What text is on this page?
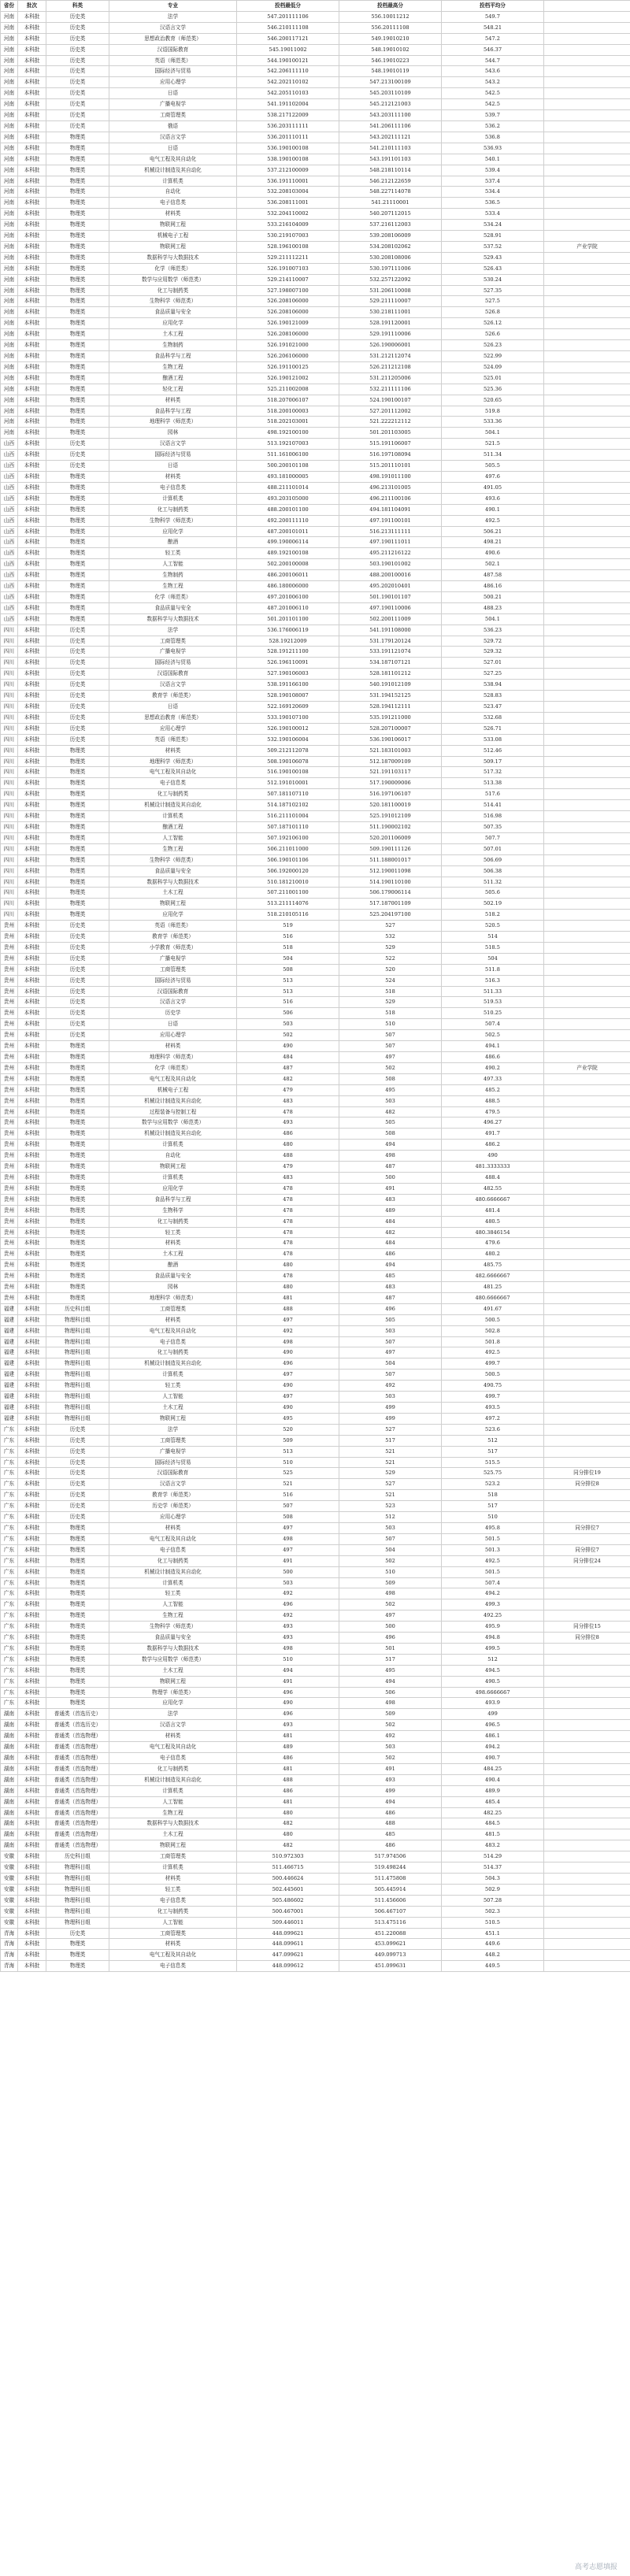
省份	批次	科类	专业	投档最低分	投档最高分	投档平均分	
河南	本科批	历史类	法学	547.201111106	556.10011212	549.7	
河南	本科批	历史类	汉语言文学	546.210111108	556.20111108	548.21	
河南	本科批	历史类	思想政治教育（师范类）	546.200117121	549.19010210	547.2	
河南	本科批	历史类	汉语国际教育	545.19011002	548.19010102	546.37	
河南	本科批	历史类	英语（师范类）	544.190100121	546.19010223	544.7	
河南	本科批	历史类	国际经济与贸易	542.206111110	548.19010119	543.6	
河南	本科批	历史类	应用心理学	542.202110102	547.213100109	543.2	
河南	本科批	历史类	日语	542.205110103	545.203110109	542.5	
河南	本科批	历史类	广播电视学	541.191102004	545.212121003	542.5	
河南	本科批	历史类	工商管理类	538.217122009	543.203111100	539.7	
河南	本科批	历史类	俄语	536.203111111	541.206111106	536.2	
河南	本科批	物理类	汉语言文学	536.201110111	543.202111121	536.8	
河南	本科批	物理类	日语	536.190100108	541.210111103	536.93	
河南	本科批	物理类	电气工程及其自动化	538.190100108	543.191101103	540.1	
河南	本科批	物理类	机械设计制造及其自动化	537.212100009	548.218110114	539.4	
河南	本科批	物理类	计算机类	536.191110001	546.212122659	537.4	
河南	本科批	物理类	自动化	532.208103004	548.227114078	534.4	
河南	本科批	物理类	电子信息类	536.208111001	541.21110001	536.5	
河南	本科批	物理类	材料类	532.204110002	540.207112015	533.4	
河南	本科批	物理类	物联网工程	533.216104009	537.216112003	534.24	
河南	本科批	物理类	机械电子工程	530.219107003	539.208106009	528.91	
河南	本科批	物理类	物联网工程	528.196100108	534.208102062	537.52	产业学院
河南	本科批	物理类	数据科学与大数据技术	529.211112211	530.208108006	529.43	
河南	本科批	物理类	化学（师范类）	526.191007103	530.197111006	526.43	
河南	本科批	物理类	数学与应用数学（师范类）	529.214110007	532.257122092	530.24	
河南	本科批	物理类	化工与制药类	527.198007100	531.206110008	527.35	
河南	本科批	物理类	生物科学（师范类）	526.208106000	529.211110007	527.5	
河南	本科批	物理类	食品质量与安全	526.208106000	530.218111001	526.8	
河南	本科批	物理类	应用化学	526.190121009	528.191120001	526.12	
河南	本科批	物理类	土木工程	526.208106000	529.191110006	526.6	
河南	本科批	物理类	生物制药	526.191021000	526.190006001	526.23	
河南	本科批	物理类	食品科学与工程	526.206106000	531.212112074	522.99	
河南	本科批	物理类	生物工程	526.191100125	526.211212108	524.09	
河南	本科批	物理类	酿酒工程	526.190121002	531.211205006	525.01	
河南	本科批	物理类	轻化工程	525.211002008	532.211111106	525.36	
河南	本科批	物理类	材料类	518.207006107	524.190100107	520.65	
河南	本科批	物理类	食品科学与工程	518.200100003	527.201112002	519.8	
河南	本科批	物理类	地理科学（师范类）	518.202103001	521.222212112	533.36	
河南	本科批	物理类	园林	498.192100100	501.201103005	504.1	
山西	本科批	历史类	汉语言文学	513.192107003	515.191106007	521.5	
山西	本科批	历史类	国际经济与贸易	511.161006100	516.197108094	511.34	
山西	本科批	历史类	日语	500.200101108	515.201110101	505.5	
山西	本科批	物理类	材料类	493.181000005	498.191011100	497.6	
山西	本科批	物理类	电子信息类	488.211101014	496.213101005	491.05	
山西	本科批	物理类	计算机类	493.203105000	496.211100106	493.6	
山西	本科批	物理类	化工与制药类	488.200101100	494.181104091	490.1	
山西	本科批	物理类	生物科学（师范类）	492.200111110	497.191100101	492.5	
山西	本科批	物理类	应用化学	487.200101011	516.213111111	506.21	
山西	本科批	物理类	酿酒	499.190006114	497.190111011	498.21	
山西	本科批	物理类	轻工类	489.192100108	495.211216122	490.6	
山西	本科批	物理类	人工智能	502.200100008	503.190101002	502.1	
山西	本科批	物理类	生物制药	486.200106011	488.200100016	487.58	
山西	本科批	物理类	生物工程	486.180006000	495.202010401	486.16	
山西	本科批	物理类	化学（师范类）	497.201006100	501.190101107	500.21	
山西	本科批	物理类	食品质量与安全	487.201006110	497.190110006	488.23	
山西	本科批	物理类	数据科学与大数据技术	501.201101100	502.200111009	504.1	
四川	本科批	历史类	法学	536.176006119	541.191108000	536.23	
四川	本科批	历史类	工商管理类	528.19212009	531.179120124	529.72	
四川	本科批	历史类	广播电视学	528.191211100	533.191121074	529.32	
四川	本科批	历史类	国际经济与贸易	526.196110091	534.187107121	527.01	
四川	本科批	历史类	汉语国际教育	527.190106003	528.181101212	527.25	
四川	本科批	历史类	汉语言文学	538.191166100	540.191012109	538.94	
四川	本科批	历史类	教育学（师范类）	528.190108007	531.194152125	528.83	
四川	本科批	历史类	日语	522.169120609	528.194112111	523.47	
四川	本科批	历史类	思想政治教育（师范类）	533.190107100	535.191211000	532.68	
四川	本科批	历史类	应用心理学	526.190100012	528.207100007	526.71	
四川	本科批	历史类	英语（师范类）	532.190106004	536.190106017	533.08	
四川	本科批	物理类	材料类	509.212112078	521.183101003	512.46	
四川	本科批	物理类	地理科学（师范类）	508.190106078	512.187009109	509.17	
四川	本科批	物理类	电气工程及其自动化	516.190100108	521.191103117	517.32	
四川	本科批	物理类	电子信息类	512.191010001	517.190009006	513.38	
四川	本科批	物理类	化工与制药类	507.181107110	516.197106107	517.6	
四川	本科批	物理类	机械设计制造及其自动化	514.187102102	520.181100019	514.41	
四川	本科批	物理类	计算机类	516.211101004	525.191012109	516.98	
四川	本科批	物理类	酿酒工程	507.187101110	511.190002102	507.35	
四川	本科批	物理类	人工智能	507.192106100	520.201106009	507.7	
四川	本科批	物理类	生物工程	506.211011000	509.190111126	507.01	
四川	本科批	物理类	生物科学（师范类）	506.190101106	511.188001017	506.69	
四川	本科批	物理类	食品质量与安全	506.192000120	512.190011098	506.38	
四川	本科批	物理类	数据科学与大数据技术	510.181210010	514.190110100	511.32	
四川	本科批	物理类	土木工程	507.211001100	506.179006114	505.6	
四川	本科批	物理类	物联网工程	513.211114076	517.187001109	502.19	
四川	本科批	物理类	应用化学	518.210105116	525.204197100	518.2	
贵州	本科批	历史类	英语（师范类）	519	527	520.5	
贵州	本科批	历史类	教育学（师范类）	516	532	514	
贵州	本科批	历史类	小学教育（师范类）	518	529	518.5	
贵州	本科批	历史类	广播电视学	504	522	504	
贵州	本科批	历史类	工商管理类	508	520	511.8	
贵州	本科批	历史类	国际经济与贸易	513	524	516.3	
贵州	本科批	历史类	汉语国际教育	513	518	511.33	
贵州	本科批	历史类	汉语言文学	516	529	519.53	
贵州	本科批	历史类	历史学	506	518	510.25	
贵州	本科批	历史类	日语	503	510	507.4	
贵州	本科批	历史类	应用心理学	502	507	502.5	
贵州	本科批	物理类	材料类	490	507	494.1	
贵州	本科批	物理类	地理科学（师范类）	484	497	486.6	
贵州	本科批	物理类	化学（师范类）	487	502	490.2	产业学院
贵州	本科批	物理类	电气工程及其自动化	482	508	497.33	
贵州	本科批	物理类	机械电子工程	479	495	485.2	
贵州	本科批	物理类	机械设计制造及其自动化	483	503	488.5	
贵州	本科批	物理类	过程装备与控制工程	478	482	479.5	
贵州	本科批	物理类	数学与应用数学（师范类）	493	505	496.27	
贵州	本科批	物理类	机械设计制造及其自动化	486	508	491.7	
贵州	本科批	物理类	计算机类	480	494	486.2	
贵州	本科批	物理类	自动化	488	498	490	
贵州	本科批	物理类	物联网工程	479	487	481.3333333	
贵州	本科批	物理类	计算机类	483	500	488.4	
贵州	本科批	物理类	应用化学	478	491	482.55	
贵州	本科批	物理类	食品科学与工程	478	483	480.6666667	
贵州	本科批	物理类	生物科学	478	489	481.4	
贵州	本科批	物理类	化工与制药类	478	484	480.5	
贵州	本科批	物理类	轻工类	478	482	480.3846154	
贵州	本科批	物理类	材料类	478	484	479.6	
贵州	本科批	物理类	土木工程	478	486	480.2	
贵州	本科批	物理类	酿酒	480	494	485.75	
贵州	本科批	物理类	食品质量与安全	478	485	482.6666667	
贵州	本科批	物理类	园林	480	483	481.25	
贵州	本科批	物理类	地理科学（师范类）	481	487	480.6666667	
福建	本科批	历史科目组	工商管理类	488	496	491.67	
福建	本科批	物理科目组	材料类	497	505	500.5	
福建	本科批	物理科目组	电气工程及其自动化	492	503	502.8	
福建	本科批	物理科目组	电子信息类	498	507	501.8	
福建	本科批	物理科目组	化工与制药类	490	497	492.5	
福建	本科批	物理科目组	机械设计制造及其自动化	496	504	499.7	
福建	本科批	物理科目组	计算机类	497	507	500.5	
福建	本科批	物理科目组	轻工类	490	492	490.75	
福建	本科批	物理科目组	人工智能	497	503	499.7	
福建	本科批	物理科目组	土木工程	490	499	493.5	
福建	本科批	物理科目组	物联网工程	495	499	497.2	
广东	本科批	历史类	法学	520	527	523.6	
广东	本科批	历史类	工商管理类	509	517	512	
广东	本科批	历史类	广播电视学	513	521	517	
广东	本科批	历史类	国际经济与贸易	510	521	515.5	
广东	本科批	历史类	汉语国际教育	525	529	525.75	同分排位19
广东	本科批	历史类	汉语言文学	521	527	523.2	同分排位8
广东	本科批	历史类	教育学（师范类）	516	521	518	
广东	本科批	历史类	历史学（师范类）	507	523	517	
广东	本科批	历史类	应用心理学	508	512	510	
广东	本科批	物理类	材料类	497	503	495.8	同分排位7
广东	本科批	物理类	电气工程及其自动化	498	507	501.5	
广东	本科批	物理类	电子信息类	497	504	501.3	同分排位7
广东	本科批	物理类	化工与制药类	491	502	492.5	同分排位24
广东	本科批	物理类	机械设计制造及其自动化	500	510	501.5	
广东	本科批	物理类	计算机类	503	509	507.4	
广东	本科批	物理类	轻工类	492	498	494.2	
广东	本科批	物理类	人工智能	496	502	499.3	
广东	本科批	物理类	生物工程	492	497	492.25	
广东	本科批	物理类	生物科学（师范类）	493	500	495.9	同分排位15
广东	本科批	物理类	食品质量与安全	493	496	494.8	同分排位8
广东	本科批	物理类	数据科学与大数据技术	498	501	499.5	
广东	本科批	物理类	数学与应用数学（师范类）	510	517	512	
广东	本科批	物理类	土木工程	494	495	494.5	
广东	本科批	物理类	物联网工程	491	494	490.5	
广东	本科批	物理类	物理学（师范类）	496	506	498.6666667	
广东	本科批	物理类	应用化学	490	498	493.9	
湖南	本科批	普通类（首选历史）	法学	496	509	499	
湖南	本科批	普通类（首选历史）	汉语言文学	493	502	496.5	
湖南	本科批	普通类（首选物理）	材料类	481	492	486.1	
湖南	本科批	普通类（首选物理）	电气工程及其自动化	489	503	494.2	
湖南	本科批	普通类（首选物理）	电子信息类	486	502	490.7	
湖南	本科批	普通类（首选物理）	化工与制药类	481	491	484.25	
湖南	本科批	普通类（首选物理）	机械设计制造及其自动化	488	493	490.4	
湖南	本科批	普通类（首选物理）	计算机类	486	499	489.9	
湖南	本科批	普通类（首选物理）	人工智能	481	494	485.4	
湖南	本科批	普通类（首选物理）	生物工程	480	486	482.25	
湖南	本科批	普通类（首选物理）	数据科学与大数据技术	482	488	484.5	
湖南	本科批	普通类（首选物理）	土木工程	480	485	481.5	
湖南	本科批	普通类（首选物理）	物联网工程	482	486	483.2	
安徽	本科批	历史科目组	工商管理类	510.972303	517.974506	514.29	
安徽	本科批	物理科目组	计算机类	511.466715	519.498244	514.37	
安徽	本科批	物理科目组	材料类	500.446624	511.475808	504.3	
安徽	本科批	物理科目组	轻工类	502.445601	505.445914	502.9	
安徽	本科批	物理科目组	电子信息类	505.486602	511.456606	507.28	
安徽	本科批	物理科目组	化工与制药类	500.467001	506.467107	502.3	
安徽	本科批	物理科目组	人工智能	509.446011	513.475116	510.5	
青海	本科批	历史类	工商管理类	448.099621	451.220088	451.1	
青海	本科批	物理类	材料类	448.099611	453.099621	449.6	
青海	本科批	物理类	电气工程及其自动化	447.099621	449.099713	448.2	
青海	本科批	物理类	电子信息类	448.099612	451.099631	449.5	
高考志愿填报
